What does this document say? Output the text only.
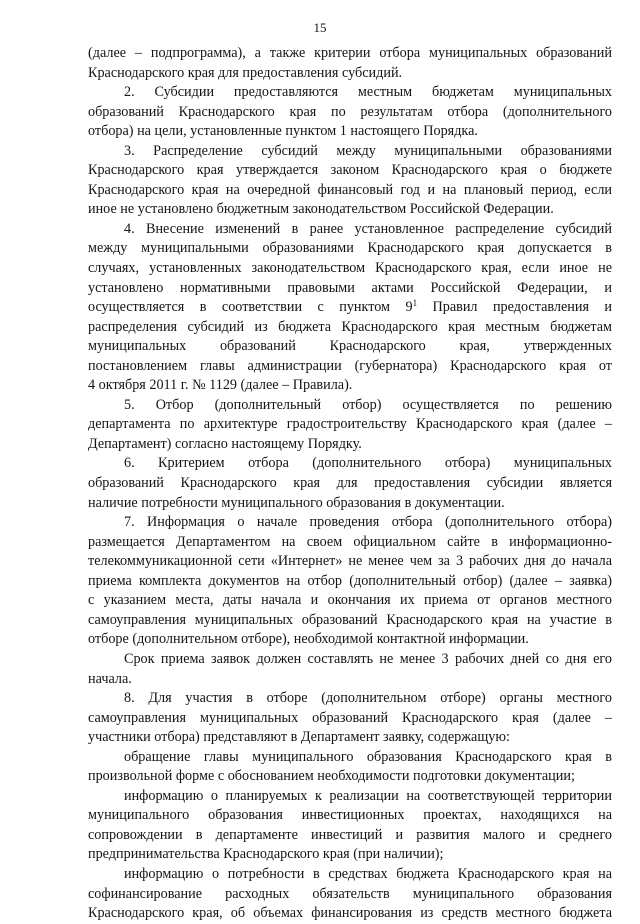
15

(далее – подпрограмма), а также критерии отбора муниципальных образований
Краснодарского края для предоставления субсидий.

2. Субсидии предоставляются местным бюджетам муниципальных
образований Краснодарского края по результатам отбора (дополнительного
отбора) на цели, установленные пунктом 1 настоящего Порядка.

3. Распределение субсидий между муниципальными образованиями
Краснодарского края утверждается законом Краснодарского края о бюджете
Краснодарского края на очередной финансовый год и на плановый период, если
иное не установлено бюджетным законодательством Российской Федерации.

4. Внесение изменений в ранее установленное распределение субсидий
между муниципальными образованиями Краснодарского края допускается в
случаях, установленных законодательством Краснодарского края, если иное не
установлено нормативными правовыми актами Российской Федерации, и
осуществляется в соответствии с пунктом $9^1$ Правил предоставления и
распределения субсидий из бюджета Краснодарского края местным бюджетам
муниципальных образований Краснодарского края, утвержденных
постановлением главы администрации (губернатора) Краснодарского края от
4 октября 2011 г. № 1129 (далее – Правила).

5. Отбор (дополнительный отбор) осуществляется по решению
департамента по архитектуре градостроительству Краснодарского края (далее –
Департамент) согласно настоящему Порядку.

6. Критерием отбора (дополнительного отбора) муниципальных
образований Краснодарского края для предоставления субсидии является
наличие потребности муниципального образования в документации.

7. Информация о начале проведения отбора (дополнительного отбора)
размещается Департаментом на своем официальном сайте в информационно-
телекоммуникационной сети «Интернет» не менее чем за 3 рабочих дня до начала
приема комплекта документов на отбор (дополнительный отбор) (далее – заявка)
с указанием места, даты начала и окончания их приема от органов местного
самоуправления муниципальных образований Краснодарского края на участие в
отборе (дополнительном отборе), необходимой контактной информации.

Срок приема заявок должен составлять не менее 3 рабочих дней со дня его
начала.

8. Для участия в отборе (дополнительном отборе) органы местного
самоуправления муниципальных образований Краснодарского края (далее –
участники отбора) представляют в Департамент заявку, содержащую:

обращение главы муниципального образования Краснодарского края в
произвольной форме с обоснованием необходимости подготовки документации;

информацию о планируемых к реализации на соответствующей территории
муниципального образования инвестиционных проектах, находящихся на
сопровождении в департаменте инвестиций и развития малого и среднего
предпринимательства Краснодарского края (при наличии);

информацию о потребности в средствах бюджета Краснодарского края на
софинансирование расходных обязательств муниципального образования
Краснодарского края, об объемах финансирования из средств местного бюджета
